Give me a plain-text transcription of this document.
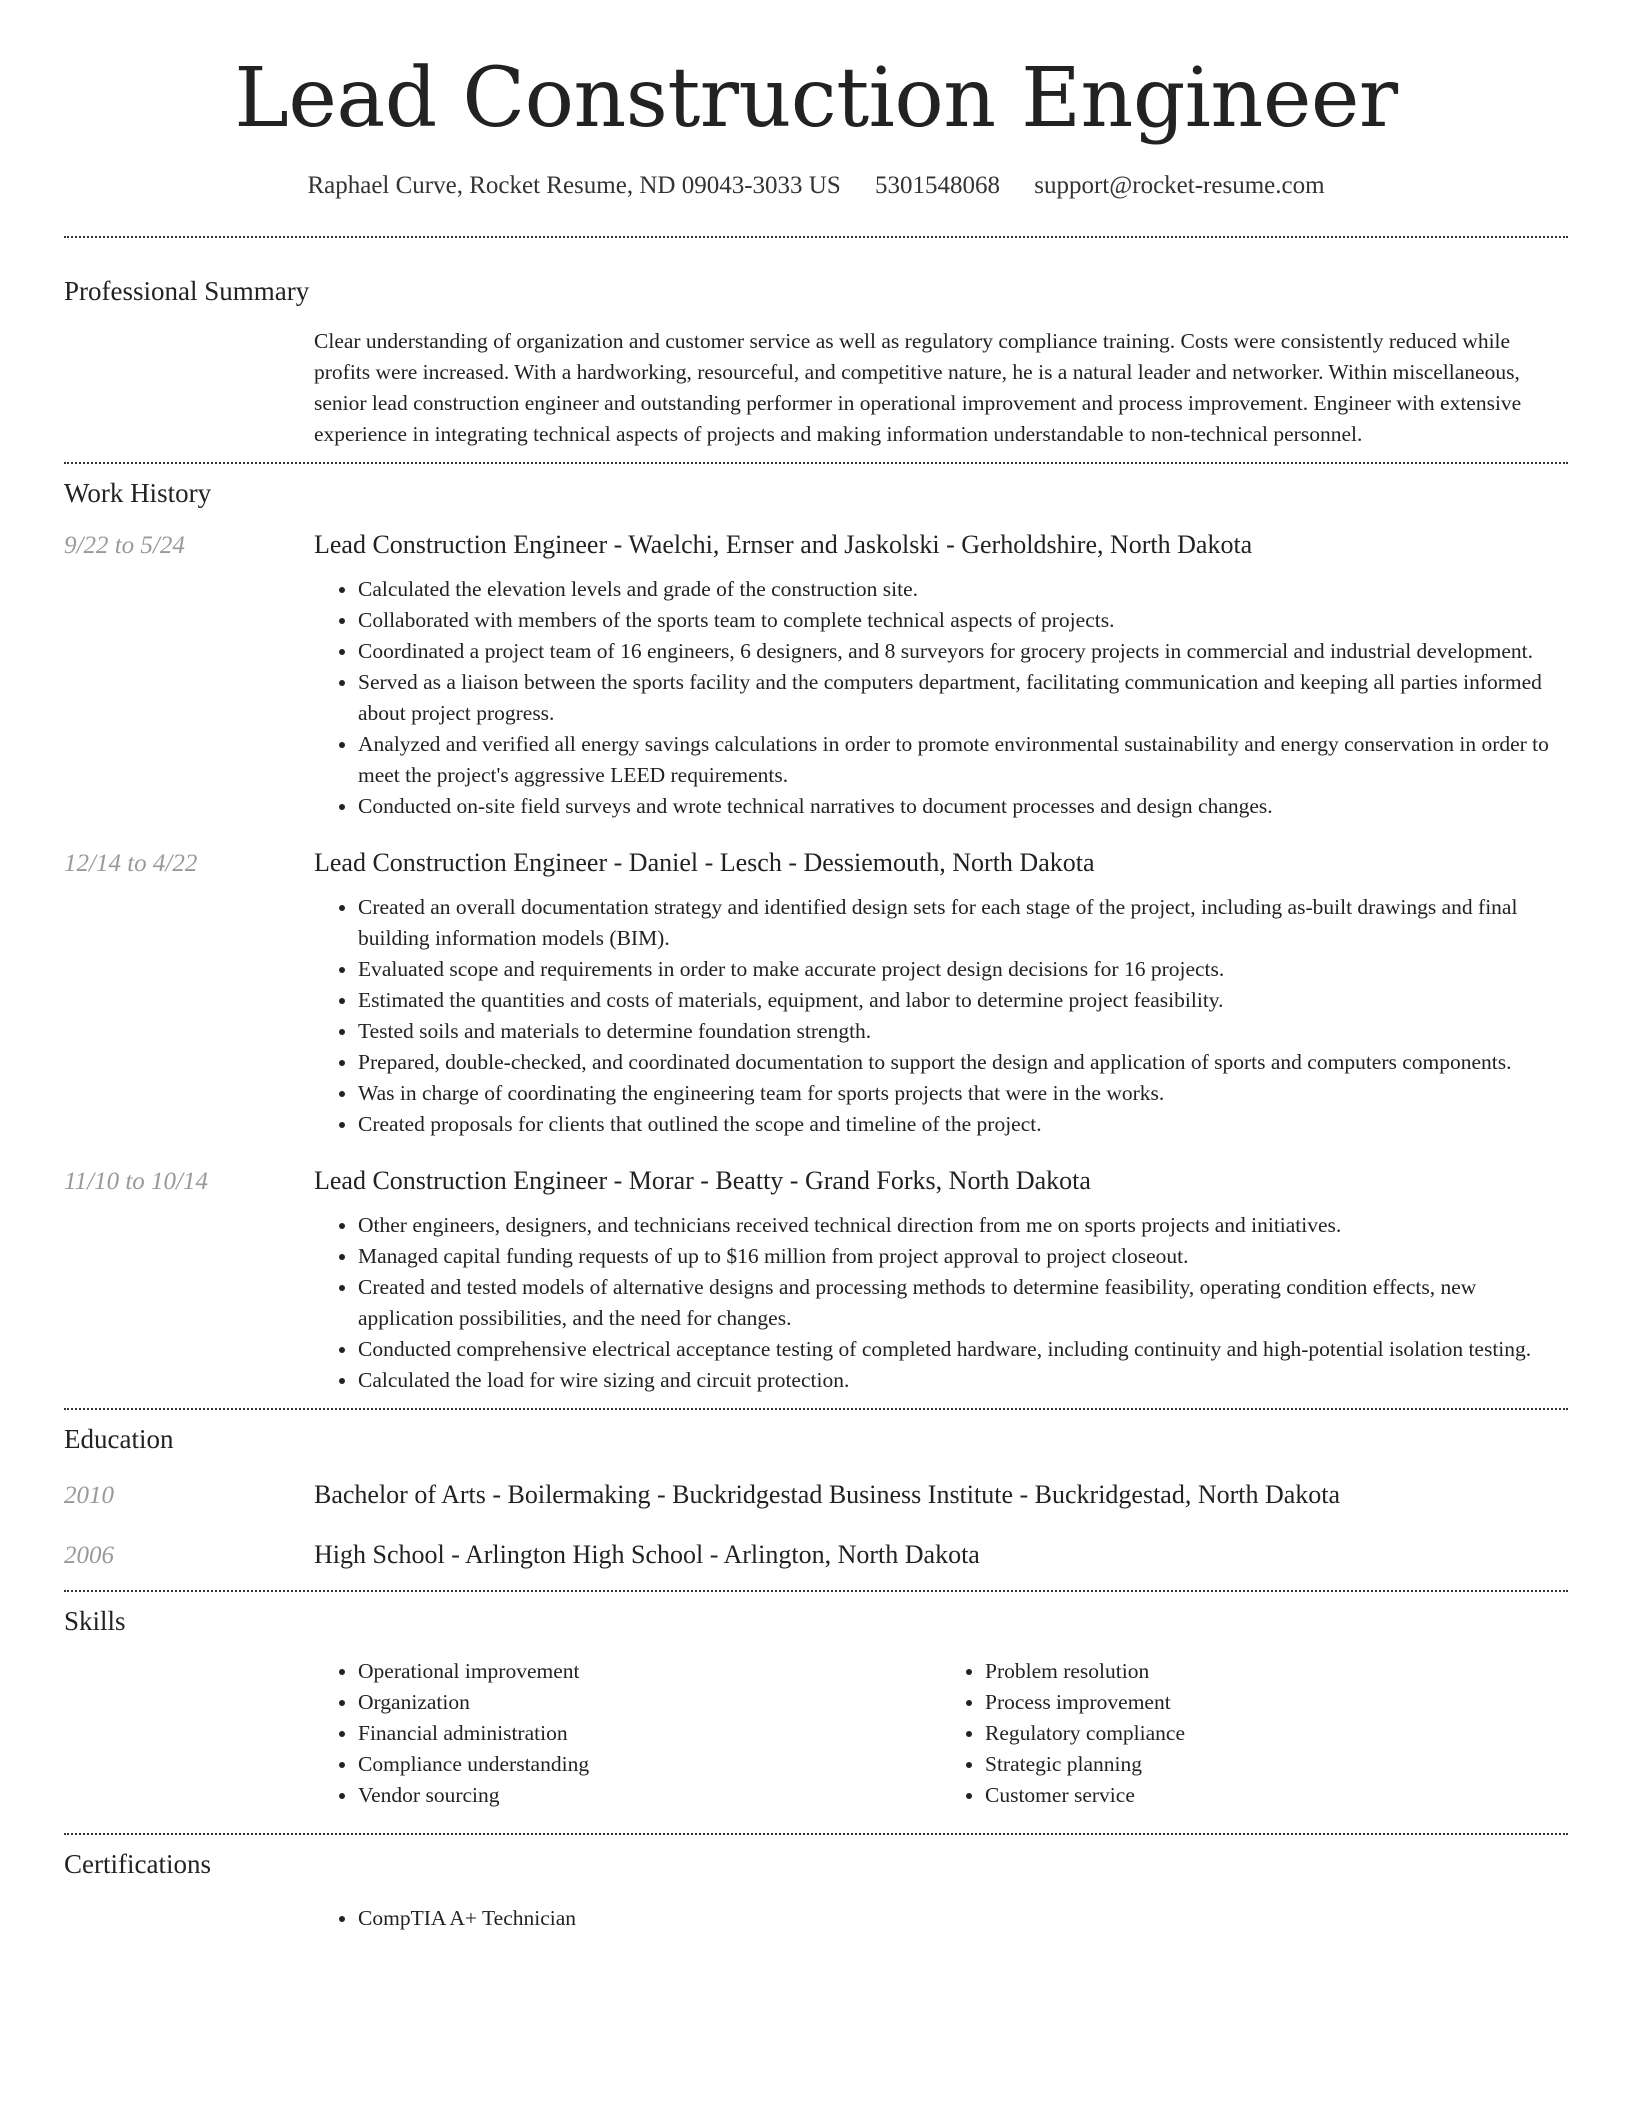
Lead Construction Engineer
Raphael Curve, Rocket Resume, ND 09043-3033 US 5301548068 support@rocket-resume.com
Professional Summary

Clear understanding of organization and customer service as well as regulatory compliance training. Costs were consistently reduced while profits were increased. With a hardworking, resourceful, and competitive nature, he is a natural leader and networker. Within miscellaneous, senior lead construction engineer and outstanding performer in operational improvement and process improvement. Engineer with extensive experience in integrating technical aspects of projects and making information understandable to non-technical personnel.

Work History
9/22 to 5/24	Lead Construction Engineer - Waelchi, Ernser and Jaskolski - Gerholdshire, North Dakota
• Calculated the elevation levels and grade of the construction site.
• Collaborated with members of the sports team to complete technical aspects of projects.
• Coordinated a project team of 16 engineers, 6 designers, and 8 surveyors for grocery projects in commercial and industrial development.
• Served as a liaison between the sports facility and the computers department, facilitating communication and keeping all parties informed about project progress.
• Analyzed and verified all energy savings calculations in order to promote environmental sustainability and energy conservation in order to meet the project's aggressive LEED requirements.
• Conducted on-site field surveys and wrote technical narratives to document processes and design changes.
12/14 to 4/22	Lead Construction Engineer - Daniel - Lesch - Dessiemouth, North Dakota
• Created an overall documentation strategy and identified design sets for each stage of the project, including as-built drawings and final building information models (BIM).
• Evaluated scope and requirements in order to make accurate project design decisions for 16 projects.
• Estimated the quantities and costs of materials, equipment, and labor to determine project feasibility.
• Tested soils and materials to determine foundation strength.
• Prepared, double-checked, and coordinated documentation to support the design and application of sports and computers components.
• Was in charge of coordinating the engineering team for sports projects that were in the works.
• Created proposals for clients that outlined the scope and timeline of the project.
11/10 to 10/14	Lead Construction Engineer - Morar - Beatty - Grand Forks, North Dakota
• Other engineers, designers, and technicians received technical direction from me on sports projects and initiatives.
• Managed capital funding requests of up to $16 million from project approval to project closeout.
• Created and tested models of alternative designs and processing methods to determine feasibility, operating condition effects, new application possibilities, and the need for changes.
• Conducted comprehensive electrical acceptance testing of completed hardware, including continuity and high-potential isolation testing.
• Calculated the load for wire sizing and circuit protection.
Education
2010	Bachelor of Arts - Boilermaking - Buckridgestad Business Institute - Buckridgestad, North Dakota
2006	High School - Arlington High School - Arlington, North Dakota
Skills
• Operational improvement
• Organization
• Financial administration
• Compliance understanding
• Vendor sourcing
• Problem resolution
• Process improvement
• Regulatory compliance
• Strategic planning
• Customer service
Certifications
• CompTIA A+ Technician
